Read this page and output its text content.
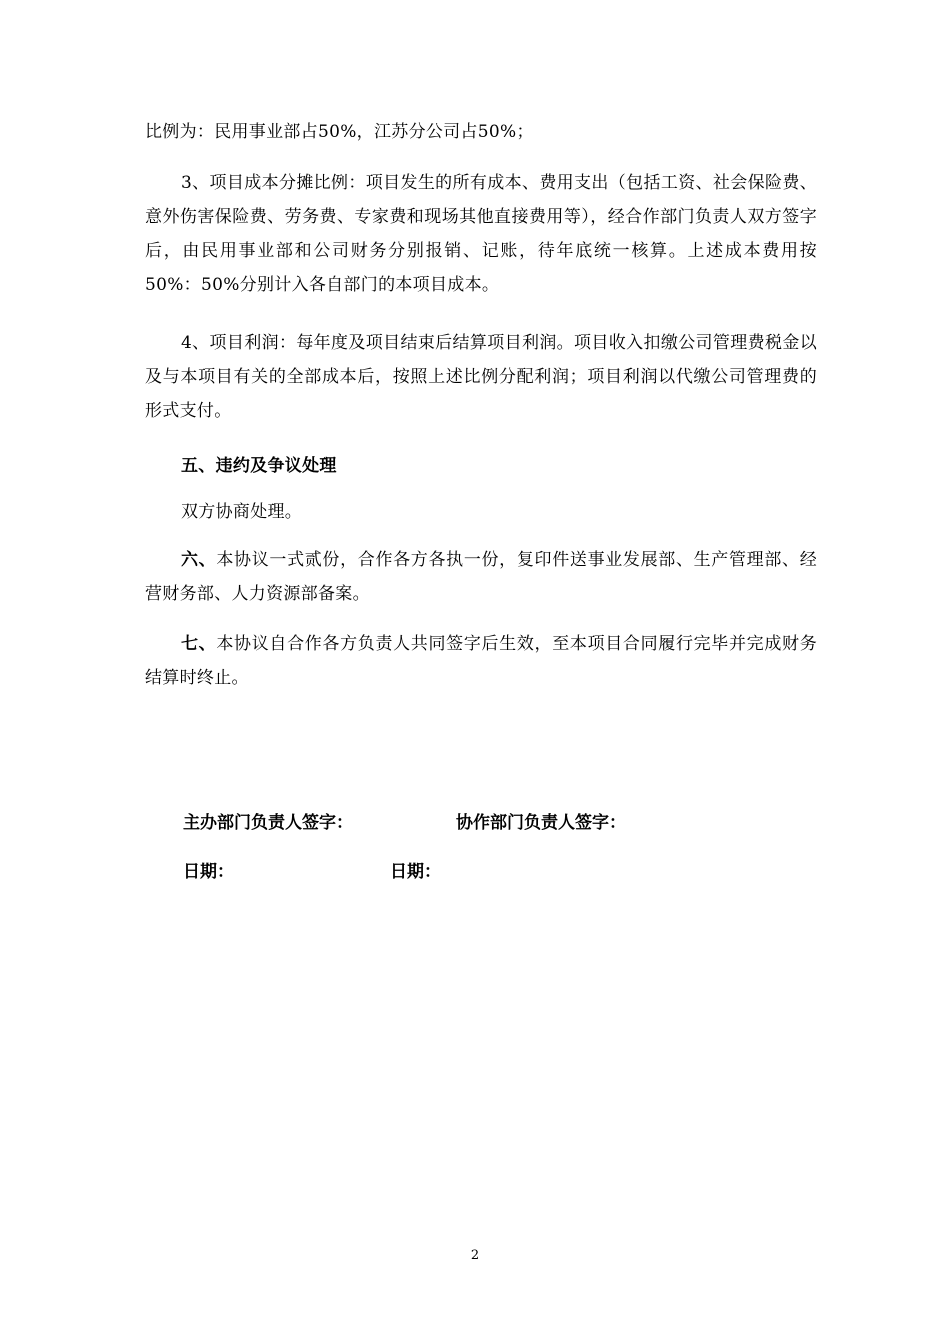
比例为：民用事业部占50%，江苏分公司占50%；

3、项目成本分摊比例：项目发生的所有成本、费用支出（包括工资、社会保险费、意外伤害保险费、劳务费、专家费和现场其他直接费用等），经合作部门负责人双方签字后，由民用事业部和公司财务分别报销、记账，待年底统一核算。上述成本费用按50%：50%分别计入各自部门的本项目成本。

4、项目利润：每年度及项目结束后结算项目利润。项目收入扣缴公司管理费税金以及与本项目有关的全部成本后，按照上述比例分配利润；项目利润以代缴公司管理费的形式支付。

五、违约及争议处理

双方协商处理。

六、本协议一式贰份，合作各方各执一份，复印件送事业发展部、生产管理部、经营财务部、人力资源部备案。

七、本协议自合作各方负责人共同签字后生效，至本项目合同履行完毕并完成财务结算时终止。

主办部门负责人签字：	协作部门负责人签字：
日期：	日期：
2
